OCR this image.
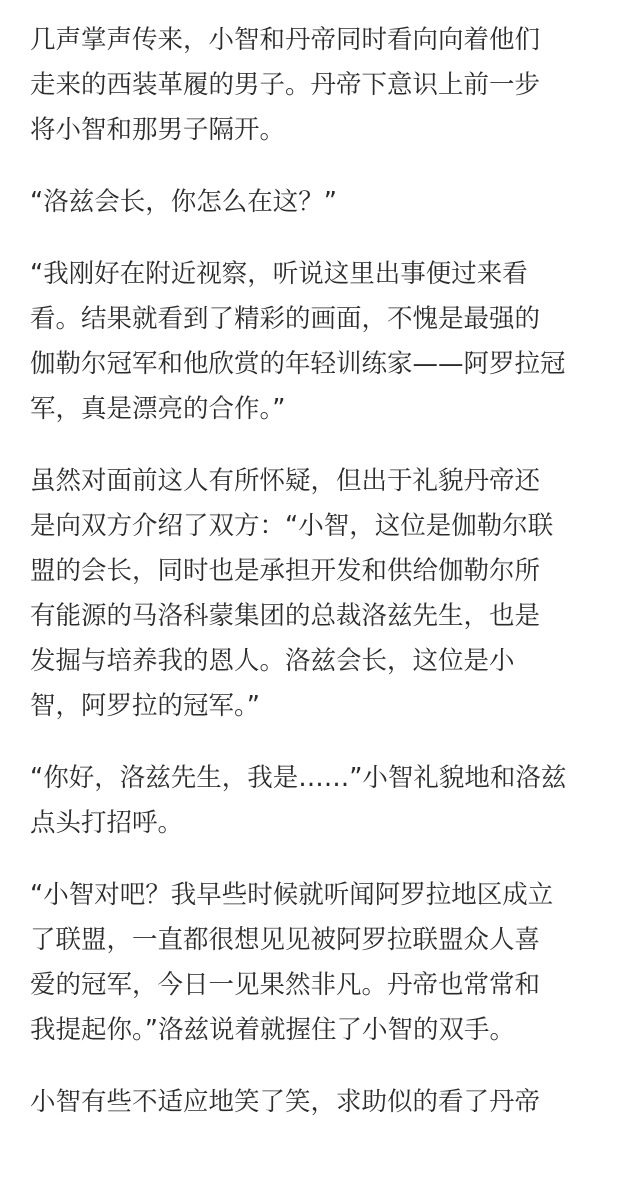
几声掌声传来，小智和丹帝同时看向向着他们
走来的西装革履的男子。丹帝下意识上前一步
将小智和那男子隔开。

“洛兹会长，你怎么在这？”

“我刚好在附近视察，听说这里出事便过来看
看。结果就看到了精彩的画面，不愧是最强的
伽勒尔冠军和他欣赏的年轻训练家——阿罗拉冠
军，真是漂亮的合作。”

虽然对面前这人有所怀疑，但出于礼貌丹帝还
是向双方介绍了双方：“小智，这位是伽勒尔联
盟的会长，同时也是承担开发和供给伽勒尔所
有能源的马洛科蒙集团的总裁洛兹先生，也是
发掘与培养我的恩人。洛兹会长，这位是小
智，阿罗拉的冠军。”

“你好，洛兹先生，我是……”小智礼貌地和洛兹
点头打招呼。

“小智对吧？我早些时候就听闻阿罗拉地区成立
了联盟，一直都很想见见被阿罗拉联盟众人喜
爱的冠军，今日一见果然非凡。丹帝也常常和
我提起你。”洛兹说着就握住了小智的双手。

小智有些不适应地笑了笑，求助似的看了丹帝
